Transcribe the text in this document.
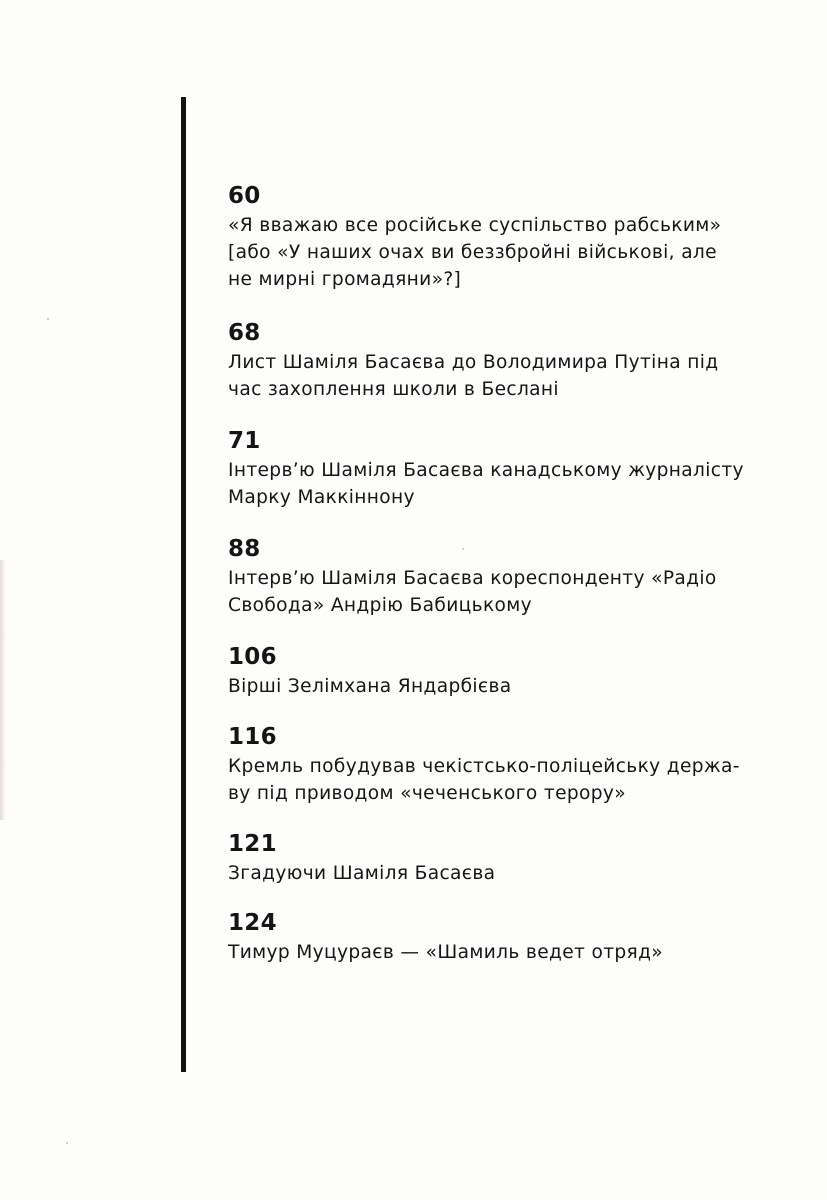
60
«Я вважаю все російське суспільство рабським»
[або «У наших очах ви беззбройні військові, але
не мирні громадяни»?]
68
Лист Шаміля Басаєва до Володимира Путіна під
час захоплення школи в Беслані
71
Інтерв’ю Шаміля Басаєва канадському журналісту
Марку Маккіннону
88
Інтерв’ю Шаміля Басаєва кореспонденту «Радіо
Свобода» Андрію Бабицькому
106
Вірші Зелімхана Яндарбієва
116
Кремль побудував чекістсько-поліцейську держа-
ву під приводом «чеченського терору»
121
Згадуючи Шаміля Басаєва
124
Тимур Муцураєв — «Шамиль ведет отряд»
